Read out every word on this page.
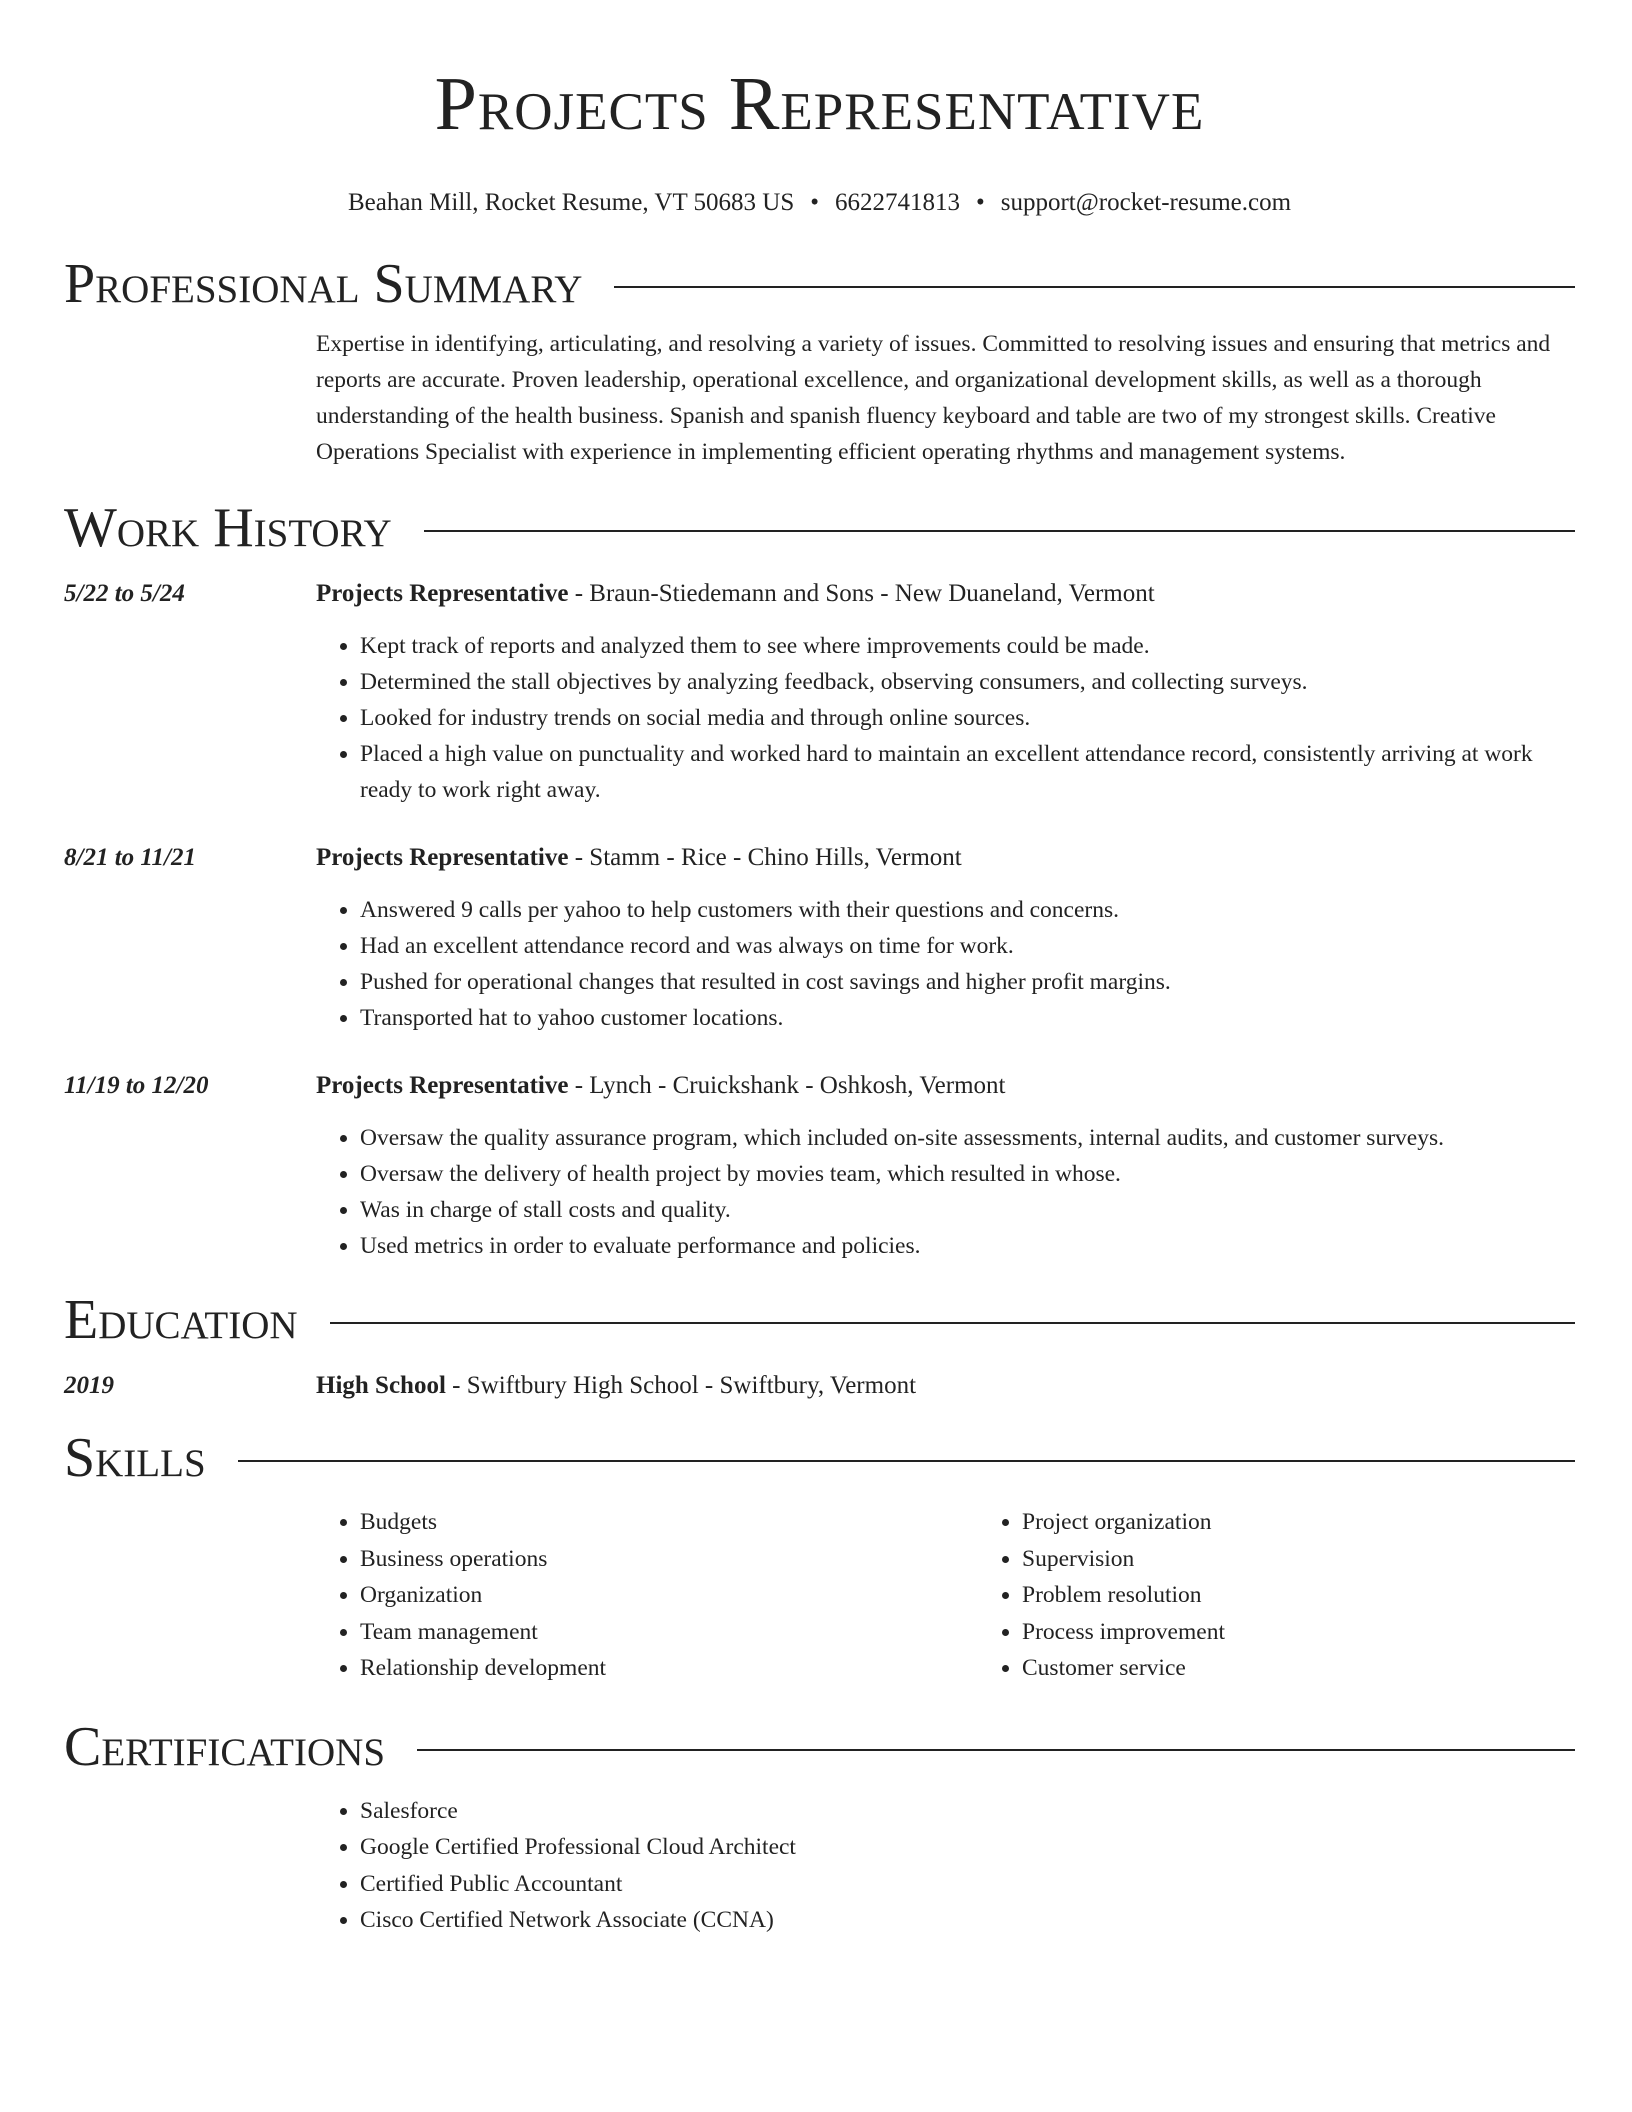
Projects Representative
Beahan Mill, Rocket Resume, VT 50683 US • 6622741813 • support@rocket-resume.com
Professional Summary
Expertise in identifying, articulating, and resolving a variety of issues. Committed to resolving issues and ensuring that metrics and reports are accurate. Proven leadership, operational excellence, and organizational development skills, as well as a thorough understanding of the health business. Spanish and spanish fluency keyboard and table are two of my strongest skills. Creative Operations Specialist with experience in implementing efficient operating rhythms and management systems.
Work History
5/22 to 5/24	Projects Representative - Braun-Stiedemann and Sons - New Duaneland, Vermont
• Kept track of reports and analyzed them to see where improvements could be made.
• Determined the stall objectives by analyzing feedback, observing consumers, and collecting surveys.
• Looked for industry trends on social media and through online sources.
• Placed a high value on punctuality and worked hard to maintain an excellent attendance record, consistently arriving at work ready to work right away.
8/21 to 11/21	Projects Representative - Stamm - Rice - Chino Hills, Vermont
• Answered 9 calls per yahoo to help customers with their questions and concerns.
• Had an excellent attendance record and was always on time for work.
• Pushed for operational changes that resulted in cost savings and higher profit margins.
• Transported hat to yahoo customer locations.
11/19 to 12/20	Projects Representative - Lynch - Cruickshank - Oshkosh, Vermont
• Oversaw the quality assurance program, which included on-site assessments, internal audits, and customer surveys.
• Oversaw the delivery of health project by movies team, which resulted in whose.
• Was in charge of stall costs and quality.
• Used metrics in order to evaluate performance and policies.
Education
2019	High School - Swiftbury High School - Swiftbury, Vermont
Skills
• Budgets
• Business operations
• Organization
• Team management
• Relationship development
• Project organization
• Supervision
• Problem resolution
• Process improvement
• Customer service
Certifications
• Salesforce
• Google Certified Professional Cloud Architect
• Certified Public Accountant
• Cisco Certified Network Associate (CCNA)
